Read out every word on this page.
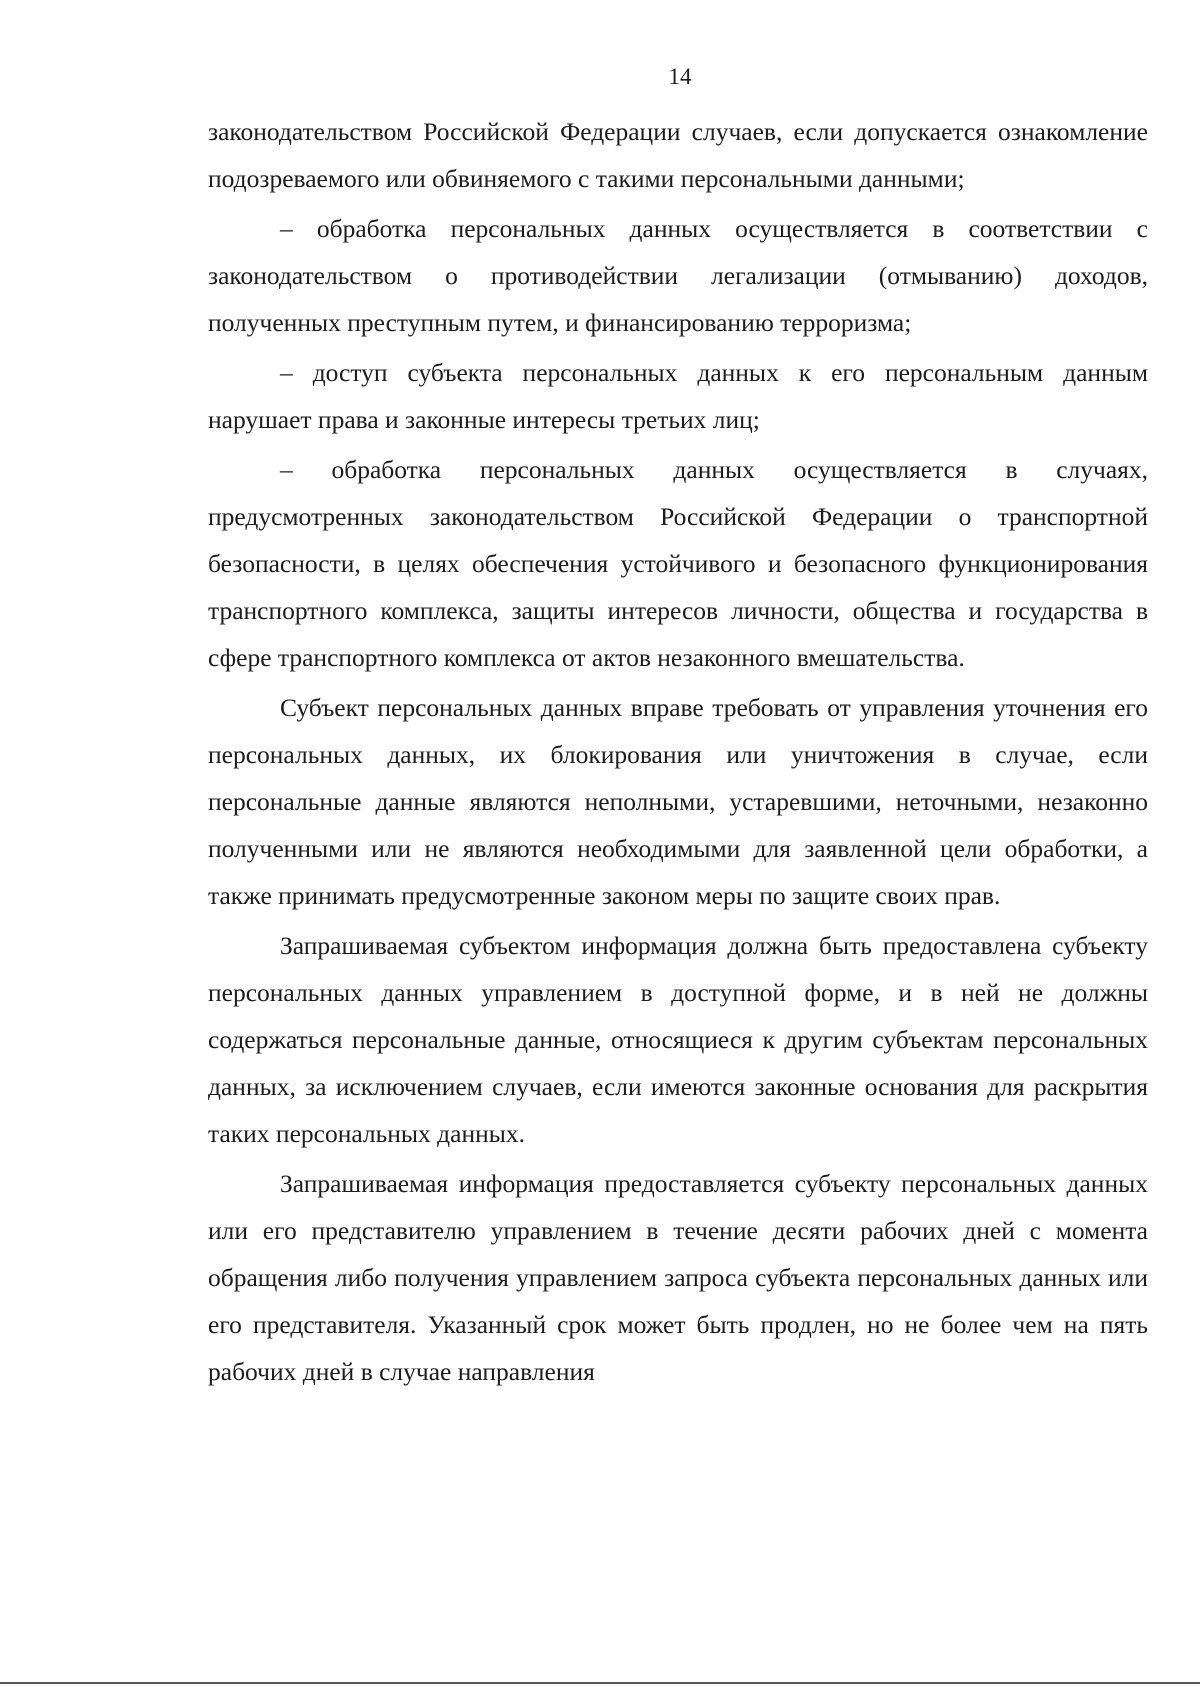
14

законодательством Российской Федерации случаев, если допускается ознакомление подозреваемого или обвиняемого с такими персональными данными;

– обработка персональных данных осуществляется в соответствии с законодательством о противодействии легализации (отмыванию) доходов, полученных преступным путем, и финансированию терроризма;

– доступ субъекта персональных данных к его персональным данным нарушает права и законные интересы третьих лиц;

– обработка персональных данных осуществляется в случаях, предусмотренных законодательством Российской Федерации о транспортной безопасности, в целях обеспечения устойчивого и безопасного функционирования транспортного комплекса, защиты интересов личности, общества и государства в сфере транспортного комплекса от актов незаконного вмешательства.

Субъект персональных данных вправе требовать от управления уточнения его персональных данных, их блокирования или уничтожения в случае, если персональные данные являются неполными, устаревшими, неточными, незаконно полученными или не являются необходимыми для заявленной цели обработки, а также принимать предусмотренные законом меры по защите своих прав.

Запрашиваемая субъектом информация должна быть предоставлена субъекту персональных данных управлением в доступной форме, и в ней не должны содержаться персональные данные, относящиеся к другим субъектам персональных данных, за исключением случаев, если имеются законные основания для раскрытия таких персональных данных.

Запрашиваемая информация предоставляется субъекту персональных данных или его представителю управлением в течение десяти рабочих дней с момента обращения либо получения управлением запроса субъекта персональных данных или его представителя. Указанный срок может быть продлен, но не более чем на пять рабочих дней в случае направления
